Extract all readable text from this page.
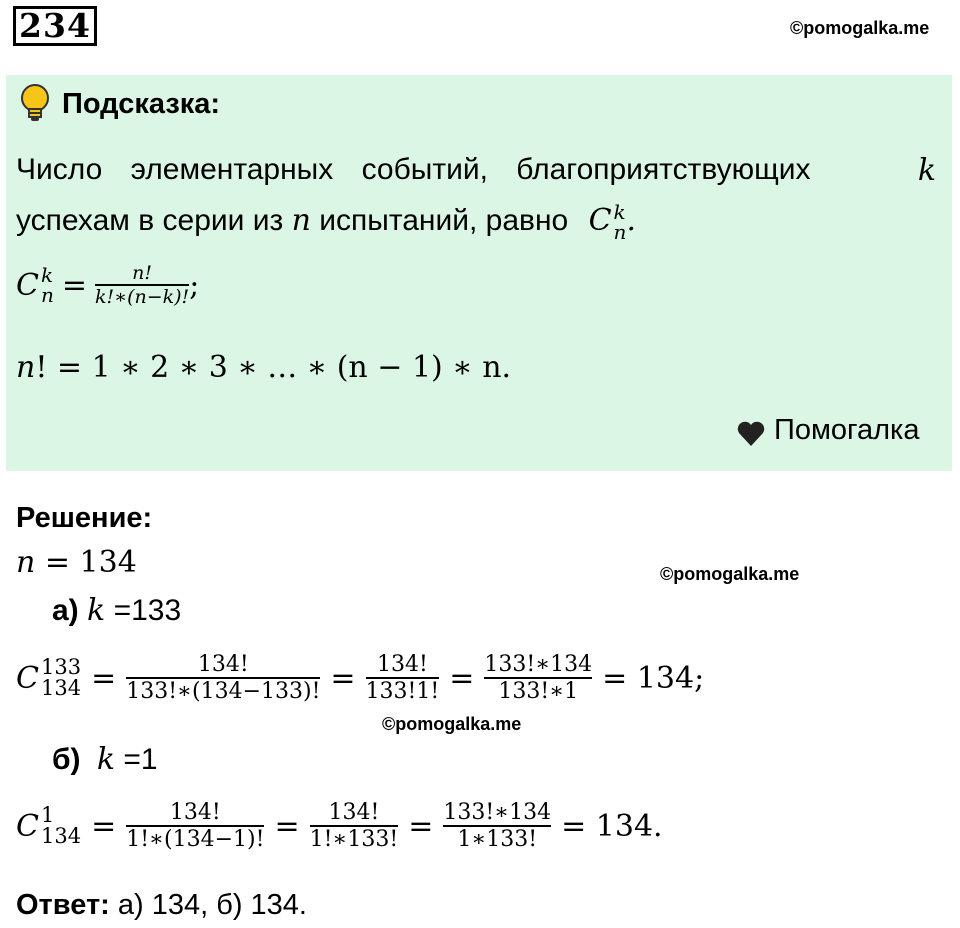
234	©pomogalka.me
Подсказка:
Число элементарных событий, благоприятствующих	k
успехам в серии из n испытаний, равно C k
n .
C k
$n = \frac{n!}{k!∗(n-k)!}$ ;
n! = 1 ∗ 2 ∗ 3 ∗ … ∗ (n − 1) ∗ n.
Помогалка
Решение:
n = 134	©pomogalka.me
а) k =133
C 133
$134 = \frac{134!}{133!∗(134-133)!} = \frac{134!}{133!1!} = \frac{133!∗134}{133!∗1} = 134$;
©pomogalka.me
б) k =1
C 1
$134 = \frac{134!}{1!∗(134-1)!} = \frac{134!}{1!∗133!} = \frac{133!∗134}{1∗133!} = 134$.
Ответ: а) 134, б) 134.
